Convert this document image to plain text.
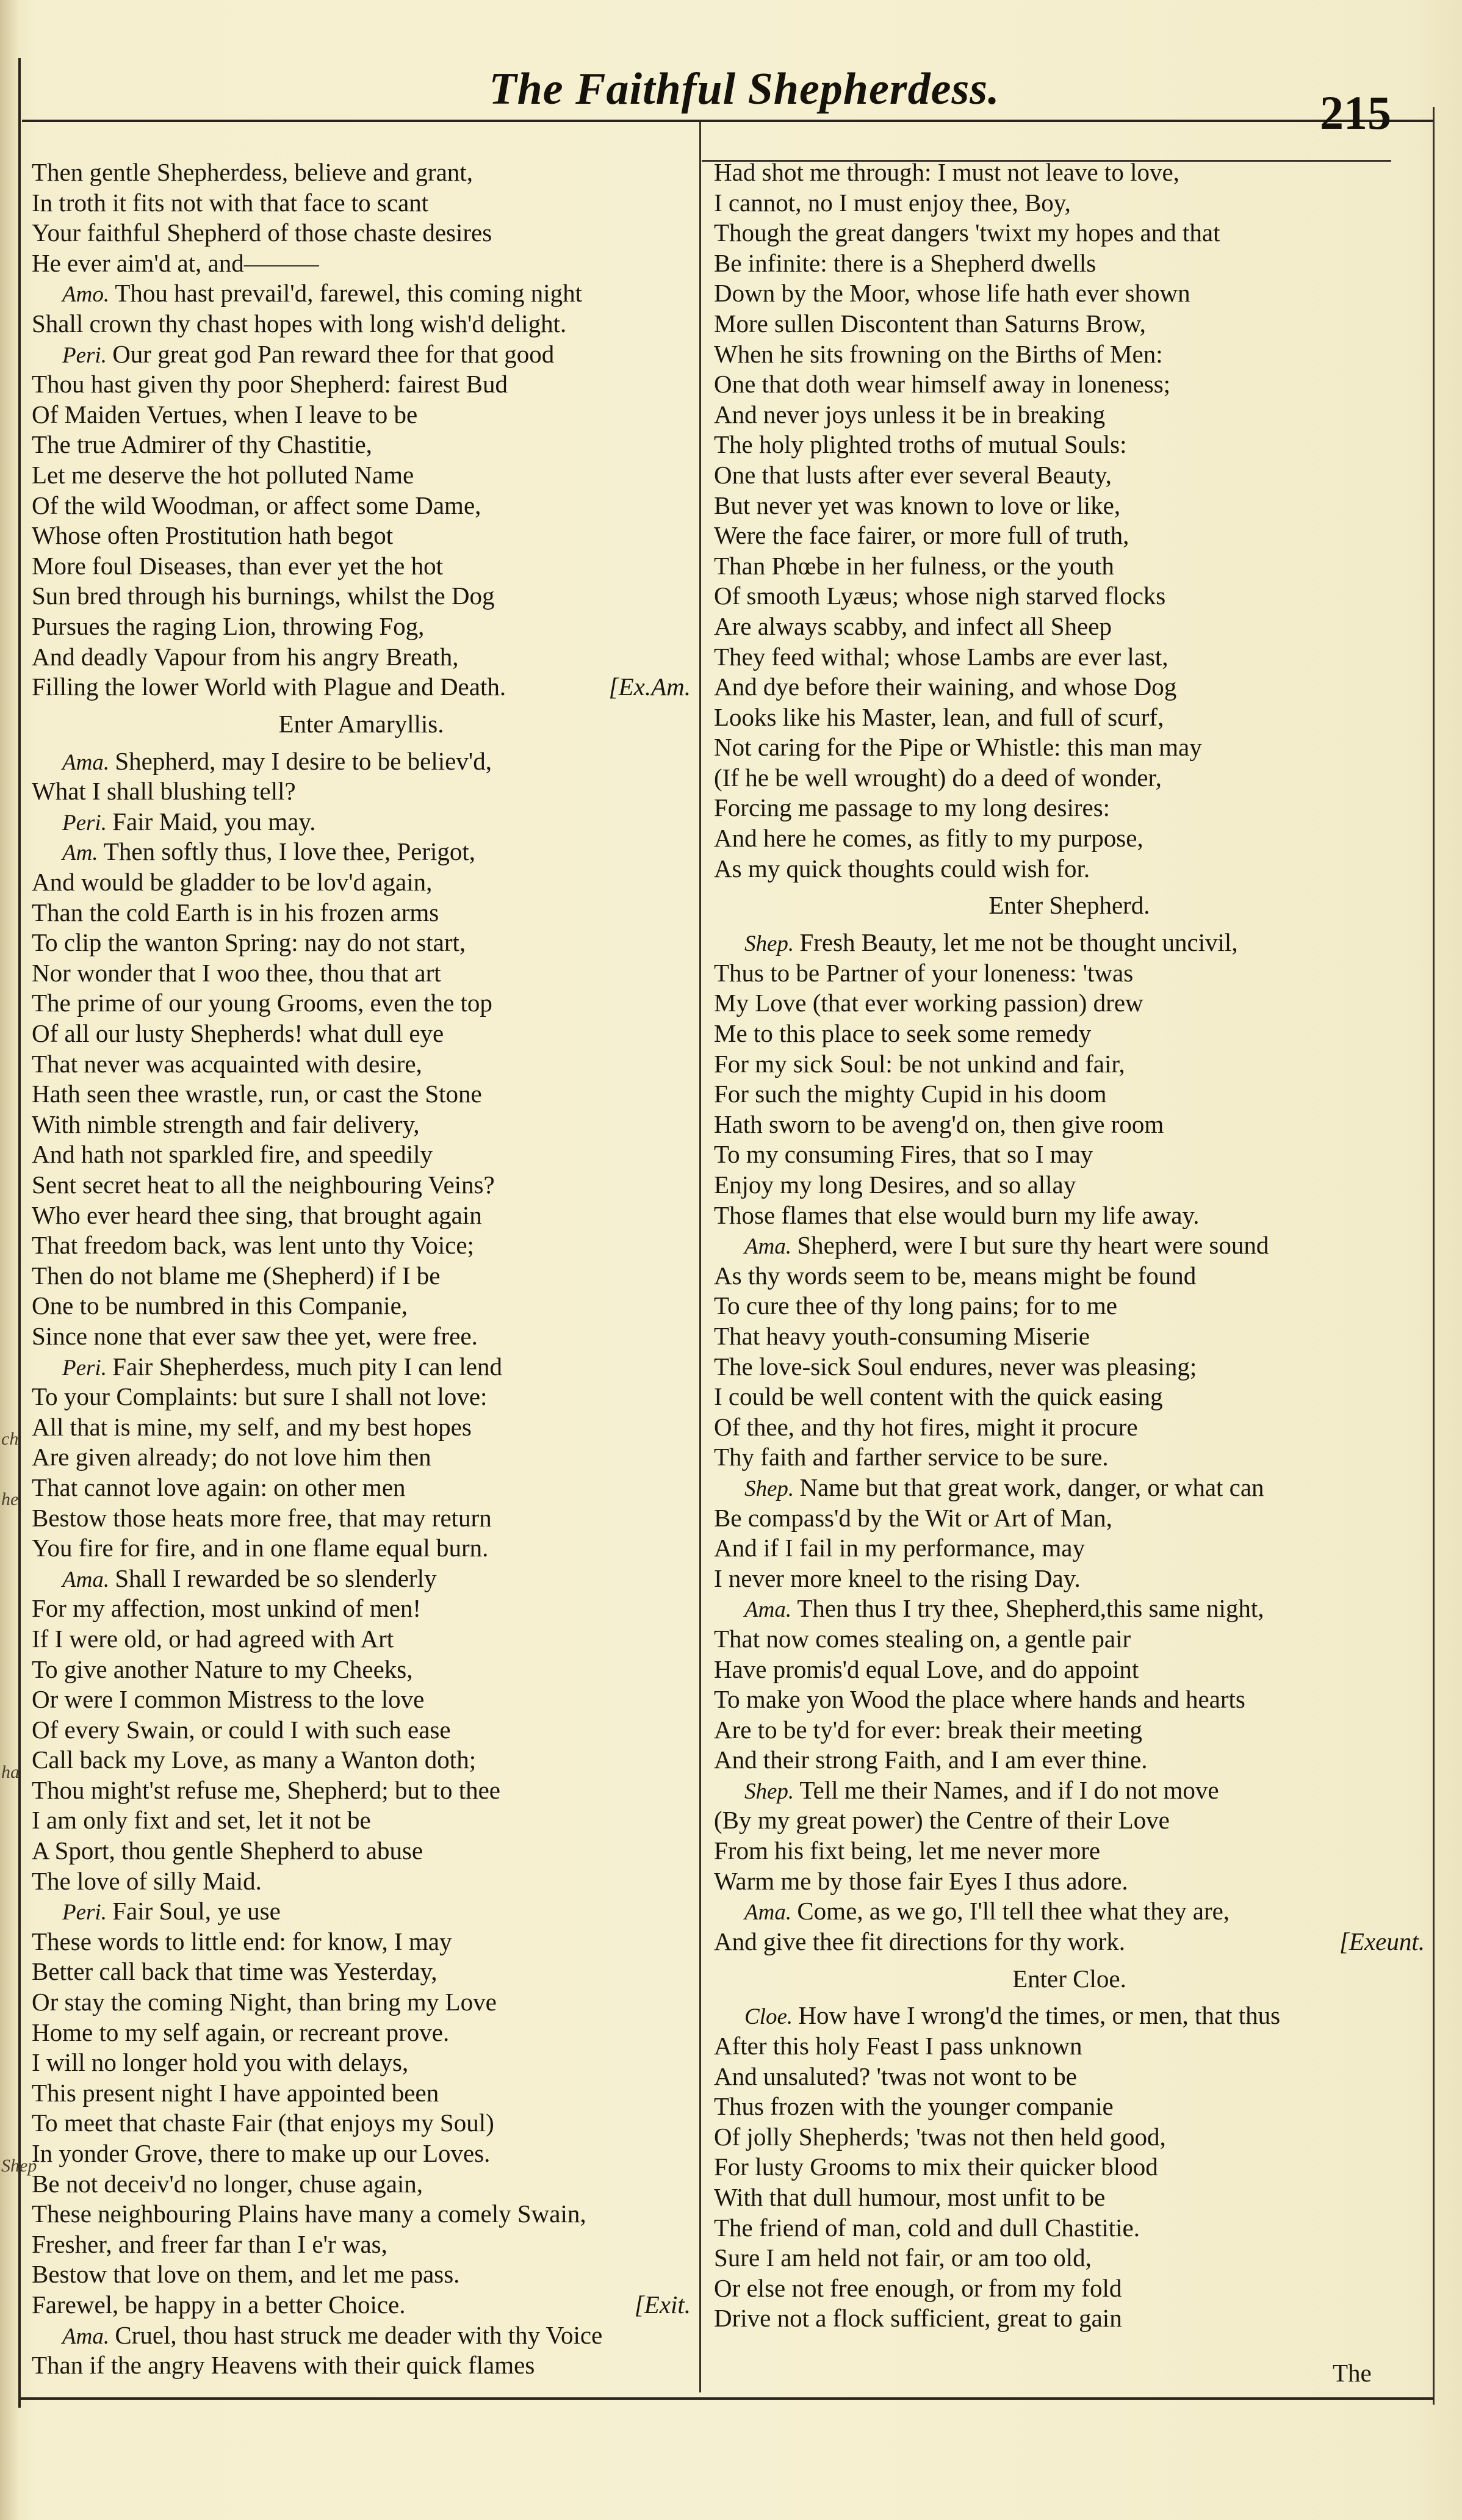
The Faithful Shepherdess.	215
Then gentle Shepherdess, believe and grant,
In troth it fits not with that face to scant
Your faithful Shepherd of those chaste desires
He ever aim'd at, and———
Amo. Thou hast prevail'd, farewel, this coming night
Shall crown thy chast hopes with long wish'd delight.
Peri. Our great god Pan reward thee for that good
Thou hast given thy poor Shepherd: fairest Bud
Of Maiden Vertues, when I leave to be
The true Admirer of thy Chastitie,
Let me deserve the hot polluted Name
Of the wild Woodman, or affect some Dame,
Whose often Prostitution hath begot
More foul Diseases, than ever yet the hot
Sun bred through his burnings, whilst the Dog
Pursues the raging Lion, throwing Fog,
And deadly Vapour from his angry Breath,
Filling the lower World with Plague and Death.	[Ex.Am.
Enter Amaryllis.
Ama. Shepherd, may I desire to be believ'd,
What I shall blushing tell?
Peri. Fair Maid, you may.
Am. Then softly thus, I love thee, Perigot,
And would be gladder to be lov'd again,
Than the cold Earth is in his frozen arms
To clip the wanton Spring: nay do not start,
Nor wonder that I woo thee, thou that art
The prime of our young Grooms, even the top
Of all our lusty Shepherds! what dull eye
That never was acquainted with desire,
Hath seen thee wrastle, run, or cast the Stone
With nimble strength and fair delivery,
And hath not sparkled fire, and speedily
Sent secret heat to all the neighbouring Veins?
Who ever heard thee sing, that brought again
That freedom back, was lent unto thy Voice;
Then do not blame me (Shepherd) if I be
One to be numbred in this Companie,
Since none that ever saw thee yet, were free.
Peri. Fair Shepherdess, much pity I can lend
To your Complaints: but sure I shall not love:
All that is mine, my self, and my best hopes
Are given already; do not love him then
That cannot love again: on other men
Bestow those heats more free, that may return
You fire for fire, and in one flame equal burn.
Ama. Shall I rewarded be so slenderly
For my affection, most unkind of men!
If I were old, or had agreed with Art
To give another Nature to my Cheeks,
Or were I common Mistress to the love
Of every Swain, or could I with such ease
Call back my Love, as many a Wanton doth;
Thou might'st refuse me, Shepherd; but to thee
I am only fixt and set, let it not be
A Sport, thou gentle Shepherd to abuse
The love of silly Maid.
Peri. Fair Soul, ye use
These words to little end: for know, I may
Better call back that time was Yesterday,
Or stay the coming Night, than bring my Love
Home to my self again, or recreant prove.
I will no longer hold you with delays,
This present night I have appointed been
To meet that chaste Fair (that enjoys my Soul)
In yonder Grove, there to make up our Loves.
Be not deceiv'd no longer, chuse again,
These neighbouring Plains have many a comely Swain,
Fresher, and freer far than I e'r was,
Bestow that love on them, and let me pass.
Farewel, be happy in a better Choice.	[Exit.
Ama. Cruel, thou hast struck me deader with thy Voice
Than if the angry Heavens with their quick flames
Had shot me through: I must not leave to love,
I cannot, no I must enjoy thee, Boy,
Though the great dangers 'twixt my hopes and that
Be infinite: there is a Shepherd dwells
Down by the Moor, whose life hath ever shown
More sullen Discontent than Saturns Brow,
When he sits frowning on the Births of Men:
One that doth wear himself away in loneness;
And never joys unless it be in breaking
The holy plighted troths of mutual Souls:
One that lusts after ever several Beauty,
But never yet was known to love or like,
Were the face fairer, or more full of truth,
Than Phœbe in her fulness, or the youth
Of smooth Lyæus; whose nigh starved flocks
Are always scabby, and infect all Sheep
They feed withal; whose Lambs are ever last,
And dye before their waining, and whose Dog
Looks like his Master, lean, and full of scurf,
Not caring for the Pipe or Whistle: this man may
(If he be well wrought) do a deed of wonder,
Forcing me passage to my long desires:
And here he comes, as fitly to my purpose,
As my quick thoughts could wish for.
Enter Shepherd.
Shep. Fresh Beauty, let me not be thought uncivil,
Thus to be Partner of your loneness: 'twas
My Love (that ever working passion) drew
Me to this place to seek some remedy
For my sick Soul: be not unkind and fair,
For such the mighty Cupid in his doom
Hath sworn to be aveng'd on, then give room
To my consuming Fires, that so I may
Enjoy my long Desires, and so allay
Those flames that else would burn my life away.
Ama. Shepherd, were I but sure thy heart were sound
As thy words seem to be, means might be found
To cure thee of thy long pains; for to me
That heavy youth-consuming Miserie
The love-sick Soul endures, never was pleasing;
I could be well content with the quick easing
Of thee, and thy hot fires, might it procure
Thy faith and farther service to be sure.
Shep. Name but that great work, danger, or what can
Be compass'd by the Wit or Art of Man,
And if I fail in my performance, may
I never more kneel to the rising Day.
Ama. Then thus I try thee, Shepherd,this same night,
That now comes stealing on, a gentle pair
Have promis'd equal Love, and do appoint
To make yon Wood the place where hands and hearts
Are to be ty'd for ever: break their meeting
And their strong Faith, and I am ever thine.
Shep. Tell me their Names, and if I do not move
(By my great power) the Centre of their Love
From his fixt being, let me never more
Warm me by those fair Eyes I thus adore.
Ama. Come, as we go, I'll tell thee what they are,
And give thee fit directions for thy work.	[Exeunt.
Enter Cloe.
Cloe. How have I wrong'd the times, or men, that thus
After this holy Feast I pass unknown
And unsaluted? 'twas not wont to be
Thus frozen with the younger companie
Of jolly Shepherds; 'twas not then held good,
For lusty Grooms to mix their quicker blood
With that dull humour, most unfit to be
The friend of man, cold and dull Chastitie.
Sure I am held not fair, or am too old,
Or else not free enough, or from my fold
Drive not a flock sufficient, great to gain
The
ch
he
ha
Shep
